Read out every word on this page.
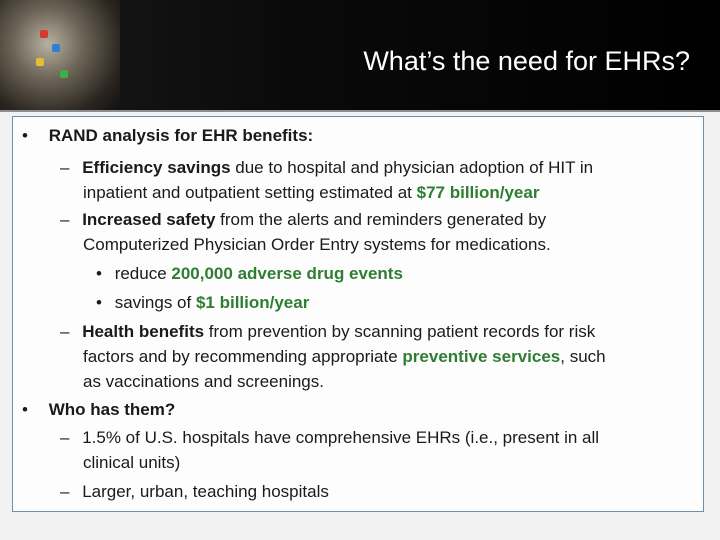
What’s the need for EHRs?
• RAND analysis for EHR benefits:
– Efficiency savings due to hospital and physician adoption of HIT in
inpatient and outpatient setting estimated at $77 billion/year
– Increased safety from the alerts and reminders generated by
Computerized Physician Order Entry systems for medications.
• reduce 200,000 adverse drug events
• savings of $1 billion/year
– Health benefits from prevention by scanning patient records for risk
factors and by recommending appropriate preventive services, such
as vaccinations and screenings.
• Who has them?
– 1.5% of U.S. hospitals have comprehensive EHRs (i.e., present in all
clinical units)
– Larger, urban, teaching hospitals
